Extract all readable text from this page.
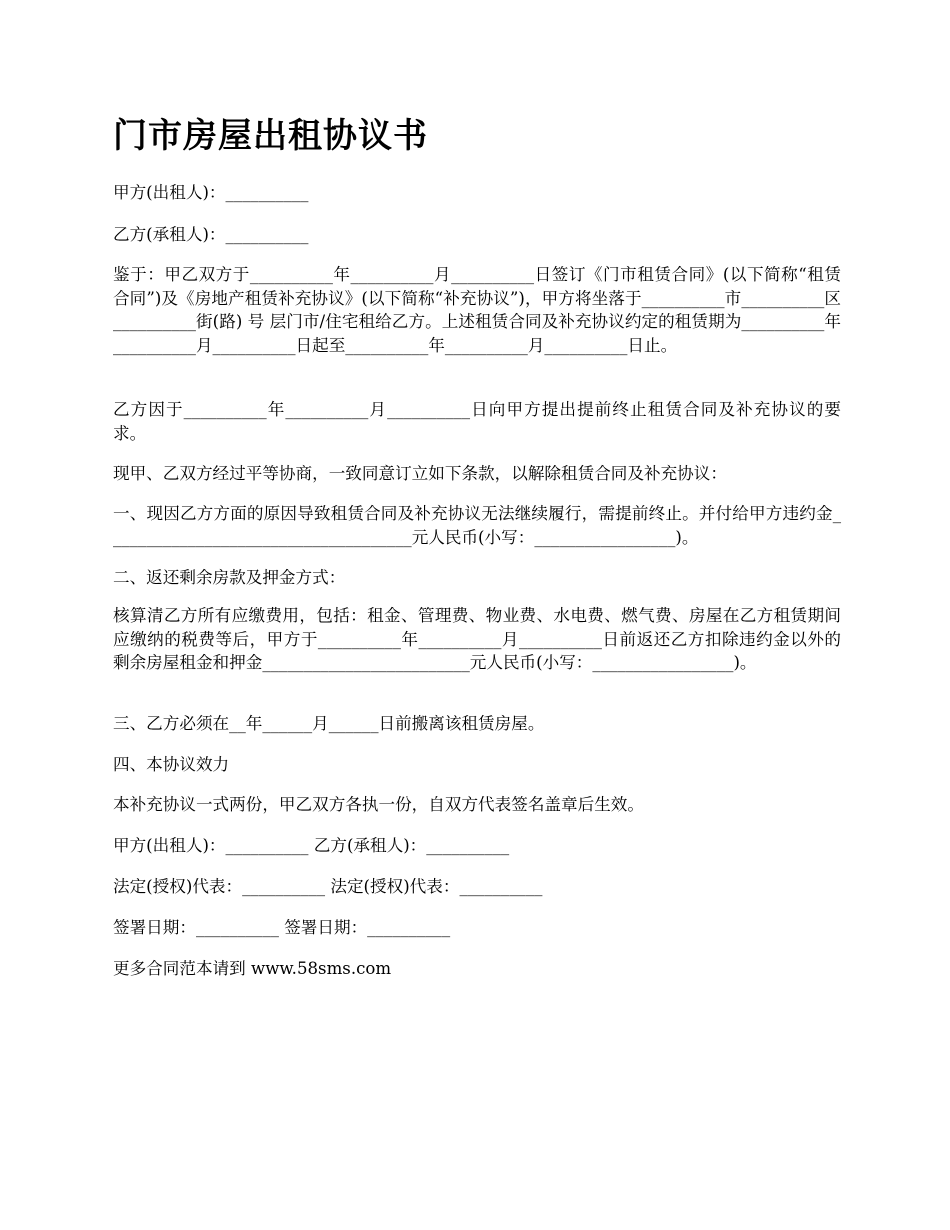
门市房屋出租协议书

甲方(出租人)：__________

乙方(承租人)：__________

鉴于：甲乙双方于__________年__________月__________日签订《门市租赁合同》(以下简称“租赁合同”)及《房地产租赁补充协议》(以下简称“补充协议”)，甲方将坐落于__________市__________区__________街(路) 号 层门市/住宅租给乙方。上述租赁合同及补充协议约定的租赁期为__________年__________月__________日起至__________年__________月__________日止。

乙方因于__________年__________月__________日向甲方提出提前终止租赁合同及补充协议的要求。

现甲、乙双方经过平等协商，一致同意订立如下条款，以解除租赁合同及补充协议：

一、现因乙方方面的原因导致租赁合同及补充协议无法继续履行，需提前终止。并付给甲方违约金_____________________________________元人民币(小写：_________________)。

二、返还剩余房款及押金方式：

核算清乙方所有应缴费用，包括：租金、管理费、物业费、水电费、燃气费、房屋在乙方租赁期间应缴纳的税费等后，甲方于__________年__________月__________日前返还乙方扣除违约金以外的剩余房屋租金和押金_________________________元人民币(小写：_________________)。

三、乙方必须在__年______月______日前搬离该租赁房屋。

四、本协议效力

本补充协议一式两份，甲乙双方各执一份，自双方代表签名盖章后生效。

甲方(出租人)：__________ 乙方(承租人)：__________

法定(授权)代表：__________ 法定(授权)代表：__________

签署日期：__________ 签署日期：__________

更多合同范本请到 www.58sms.com
